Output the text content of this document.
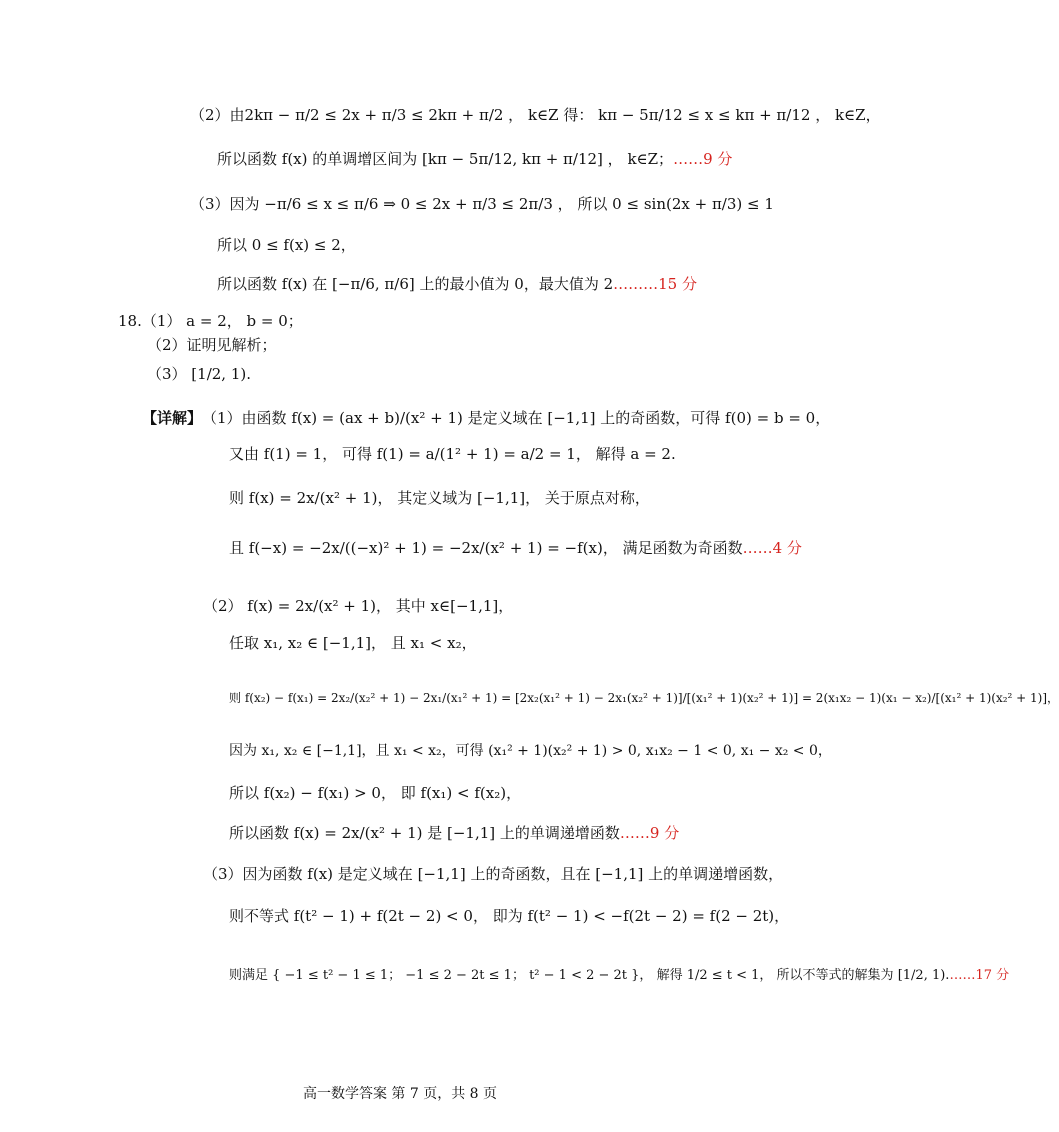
（2）由2kπ − π/2 ≤ 2x + π/3 ≤ 2kπ + π/2 ， k∈Z 得： kπ − 5π/12 ≤ x ≤ kπ + π/12 ， k∈Z，
所以函数 f(x) 的单调增区间为 [kπ − 5π/12, kπ + π/12] ， k∈Z； ……9 分
（3）因为 −π/6 ≤ x ≤ π/6 ⇒ 0 ≤ 2x + π/3 ≤ 2π/3 ， 所以 0 ≤ sin(2x + π/3) ≤ 1
所以 0 ≤ f(x) ≤ 2，
所以函数 f(x) 在 [−π/6, π/6] 上的最小值为 0，最大值为 2 ………15 分
18.（1） a = 2， b = 0；
（2）证明见解析；
（3） [1/2, 1).
【详解】 （1）由函数 f(x) = (ax + b)/(x² + 1) 是定义域在 [−1,1] 上的奇函数，可得 f(0) = b = 0，
又由 f(1) = 1， 可得 f(1) = a/(1² + 1) = a/2 = 1， 解得 a = 2.
则 f(x) = 2x/(x² + 1)， 其定义域为 [−1,1]， 关于原点对称，
且 f(−x) = −2x/((−x)² + 1) = −2x/(x² + 1) = −f(x)， 满足函数为奇函数 ……4 分
（2） f(x) = 2x/(x² + 1)， 其中 x∈[−1,1]，
任取 x₁, x₂ ∈ [−1,1]， 且 x₁ < x₂，
则 f(x₂) − f(x₁) = 2x₂/(x₂² + 1) − 2x₁/(x₁² + 1) = [2x₂(x₁² + 1) − 2x₁(x₂² + 1)]/[(x₁² + 1)(x₂² + 1)] = 2(x₁x₂ − 1)(x₁ − x₂)/[(x₁² + 1)(x₂² + 1)]，
因为 x₁, x₂ ∈ [−1,1]，且 x₁ < x₂，可得 (x₁² + 1)(x₂² + 1) > 0, x₁x₂ − 1 < 0, x₁ − x₂ < 0，
所以 f(x₂) − f(x₁) > 0， 即 f(x₁) < f(x₂)，
所以函数 f(x) = 2x/(x² + 1) 是 [−1,1] 上的单调递增函数 ……9 分
（3）因为函数 f(x) 是定义域在 [−1,1] 上的奇函数，且在 [−1,1] 上的单调递增函数，
则不等式 f(t² − 1) + f(2t − 2) < 0， 即为 f(t² − 1) < −f(2t − 2) = f(2 − 2t)，
则满足 { −1 ≤ t² − 1 ≤ 1； −1 ≤ 2 − 2t ≤ 1； t² − 1 < 2 − 2t }， 解得 1/2 ≤ t < 1， 所以不等式的解集为 [1/2, 1). ……17 分
高一数学答案 第 7 页，共 8 页
